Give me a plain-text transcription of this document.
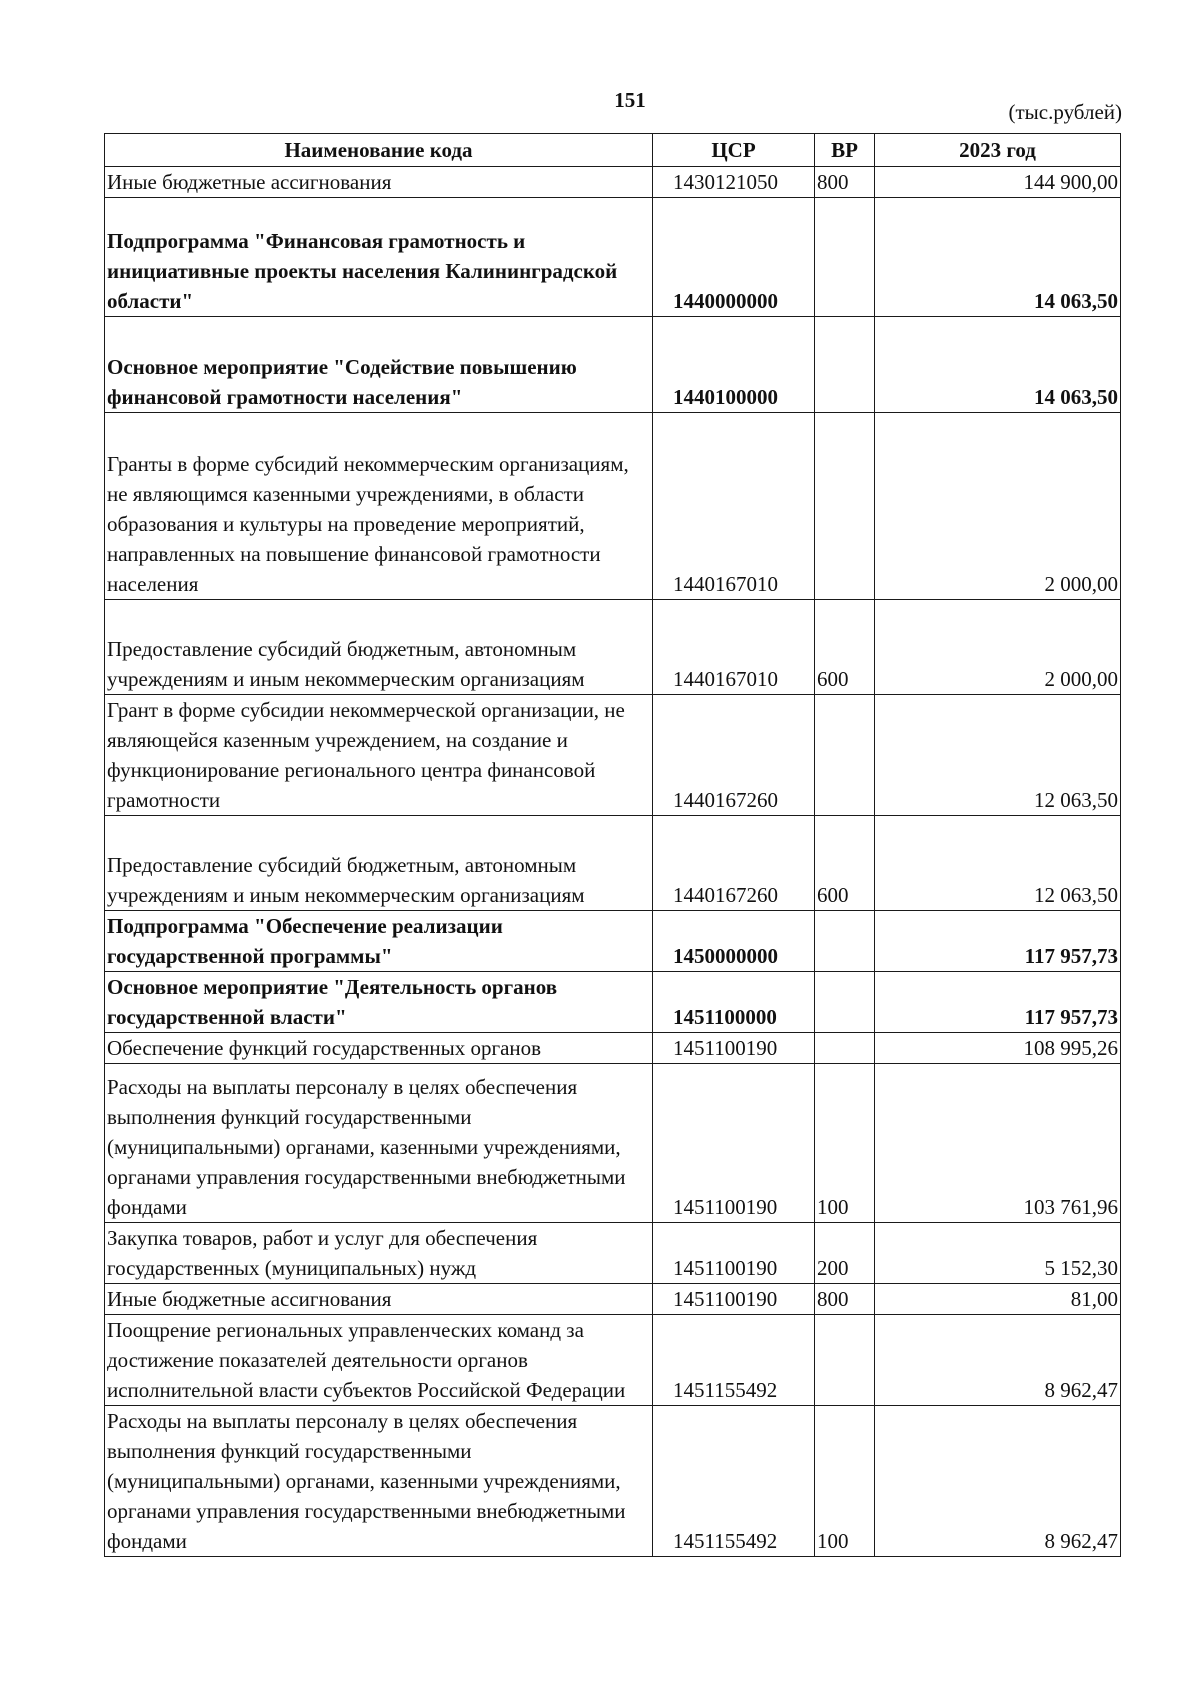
151	(тыс.рублей)
Наименование кода	ЦСР	ВР	2023 год
Иные бюджетные ассигнования	1430121050	800	144 900,00
Подпрограмма "Финансовая грамотность и инициативные проекты населения Калининградской области"	1440000000		14 063,50
Основное мероприятие "Содействие повышению финансовой грамотности населения"	1440100000		14 063,50
Гранты в форме субсидий некоммерческим организациям, не являющимся казенными учреждениями, в области образования и культуры на проведение мероприятий, направленных на повышение финансовой грамотности населения	1440167010		2 000,00
Предоставление субсидий бюджетным, автономным учреждениям и иным некоммерческим организациям	1440167010	600	2 000,00
Грант в форме субсидии некоммерческой организации, не являющейся казенным учреждением, на создание и функционирование регионального центра финансовой грамотности	1440167260		12 063,50
Предоставление субсидий бюджетным, автономным учреждениям и иным некоммерческим организациям	1440167260	600	12 063,50
Подпрограмма "Обеспечение реализации государственной программы"	1450000000		117 957,73
Основное мероприятие "Деятельность органов государственной власти"	1451100000		117 957,73
Обеспечение функций государственных органов	1451100190		108 995,26
Расходы на выплаты персоналу в целях обеспечения выполнения функций государственными (муниципальными) органами, казенными учреждениями, органами управления государственными внебюджетными фондами	1451100190	100	103 761,96
Закупка товаров, работ и услуг для обеспечения государственных (муниципальных) нужд	1451100190	200	5 152,30
Иные бюджетные ассигнования	1451100190	800	81,00
Поощрение региональных управленческих команд за достижение показателей деятельности органов исполнительной власти субъектов Российской Федерации	1451155492		8 962,47
Расходы на выплаты персоналу в целях обеспечения выполнения функций государственными (муниципальными) органами, казенными учреждениями, органами управления государственными внебюджетными фондами	1451155492	100	8 962,47
